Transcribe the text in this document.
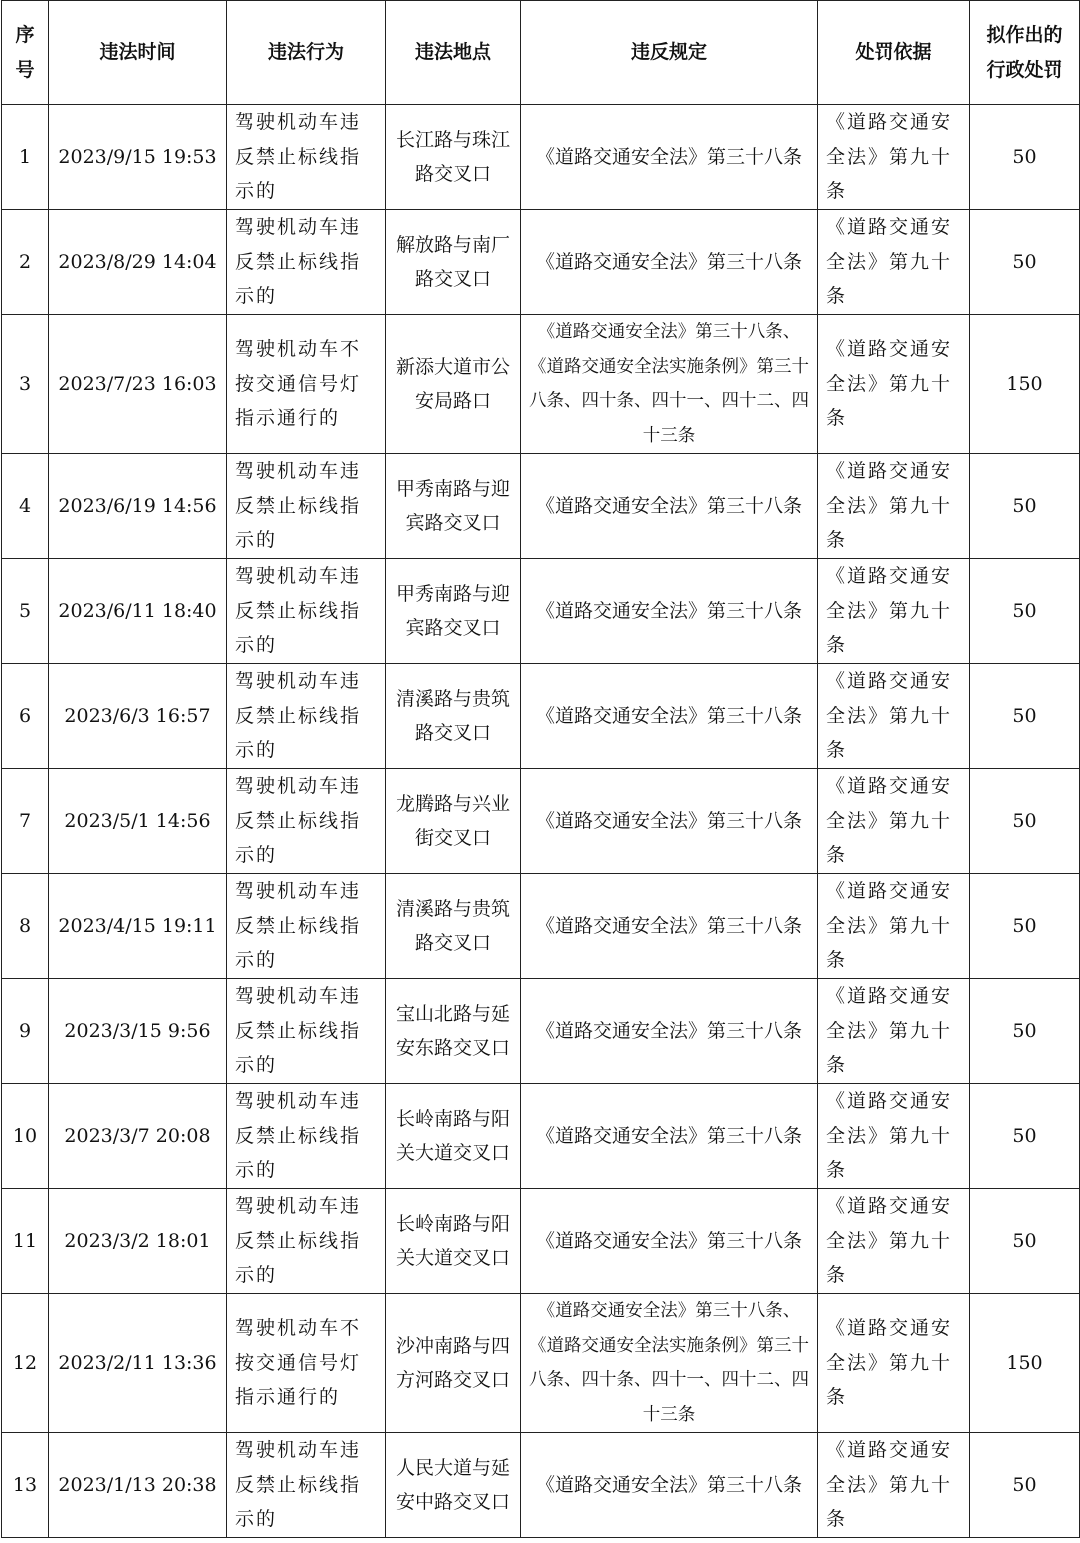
序号	违法时间	违法行为	违法地点	违反规定	处罚依据	拟作出的行政处罚
1	2023/9/15 19:53	驾驶机动车违反禁止标线指示的	长江路与珠江路交叉口	《道路交通安全法》第三十八条	《道路交通安全法》第九十条	50
2	2023/8/29 14:04	驾驶机动车违反禁止标线指示的	解放路与南厂路交叉口	《道路交通安全法》第三十八条	《道路交通安全法》第九十条	50
3	2023/7/23 16:03	驾驶机动车不按交通信号灯指示通行的	新添大道市公安局路口	《道路交通安全法》第三十八条、《道路交通安全法实施条例》第三十八条、四十条、四十一、四十二、四十三条	《道路交通安全法》第九十条	150
4	2023/6/19 14:56	驾驶机动车违反禁止标线指示的	甲秀南路与迎宾路交叉口	《道路交通安全法》第三十八条	《道路交通安全法》第九十条	50
5	2023/6/11 18:40	驾驶机动车违反禁止标线指示的	甲秀南路与迎宾路交叉口	《道路交通安全法》第三十八条	《道路交通安全法》第九十条	50
6	2023/6/3 16:57	驾驶机动车违反禁止标线指示的	清溪路与贵筑路交叉口	《道路交通安全法》第三十八条	《道路交通安全法》第九十条	50
7	2023/5/1 14:56	驾驶机动车违反禁止标线指示的	龙腾路与兴业街交叉口	《道路交通安全法》第三十八条	《道路交通安全法》第九十条	50
8	2023/4/15 19:11	驾驶机动车违反禁止标线指示的	清溪路与贵筑路交叉口	《道路交通安全法》第三十八条	《道路交通安全法》第九十条	50
9	2023/3/15 9:56	驾驶机动车违反禁止标线指示的	宝山北路与延安东路交叉口	《道路交通安全法》第三十八条	《道路交通安全法》第九十条	50
10	2023/3/7 20:08	驾驶机动车违反禁止标线指示的	长岭南路与阳关大道交叉口	《道路交通安全法》第三十八条	《道路交通安全法》第九十条	50
11	2023/3/2 18:01	驾驶机动车违反禁止标线指示的	长岭南路与阳关大道交叉口	《道路交通安全法》第三十八条	《道路交通安全法》第九十条	50
12	2023/2/11 13:36	驾驶机动车不按交通信号灯指示通行的	沙冲南路与四方河路交叉口	《道路交通安全法》第三十八条、《道路交通安全法实施条例》第三十八条、四十条、四十一、四十二、四十三条	《道路交通安全法》第九十条	150
13	2023/1/13 20:38	驾驶机动车违反禁止标线指示的	人民大道与延安中路交叉口	《道路交通安全法》第三十八条	《道路交通安全法》第九十条	50
